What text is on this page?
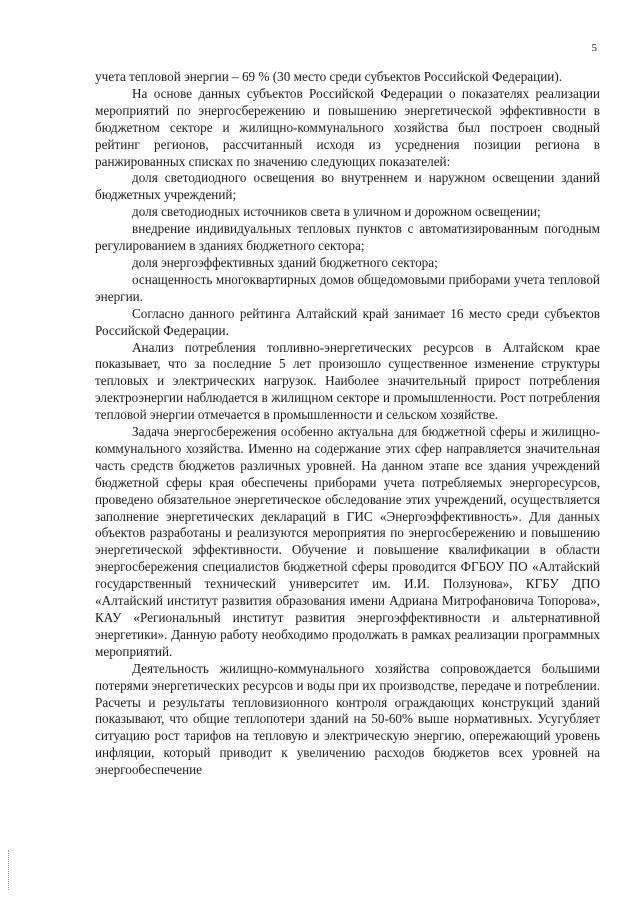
5

учета тепловой энергии – 69 % (30 место среди субъектов Российской Федерации).

На основе данных субъектов Российской Федерации о показателях реализации мероприятий по энергосбережению и повышению энергетической эффективности в бюджетном секторе и жилищно-коммунального хозяйства был построен сводный рейтинг регионов, рассчитанный исходя из усреднения позиции региона в ранжированных списках по значению следующих показателей:

доля светодиодного освещения во внутреннем и наружном освещении зданий бюджетных учреждений;

доля светодиодных источников света в уличном и дорожном освещении;

внедрение индивидуальных тепловых пунктов с автоматизированным погодным регулированием в зданиях бюджетного сектора;

доля энергоэффективных зданий бюджетного сектора;

оснащенность многоквартирных домов общедомовыми приборами учета тепловой энергии.

Согласно данного рейтинга Алтайский край занимает 16 место среди субъектов Российской Федерации.

Анализ потребления топливно-энергетических ресурсов в Алтайском крае показывает, что за последние 5 лет произошло существенное изменение структуры тепловых и электрических нагрузок. Наиболее значительный прирост потребления электроэнергии наблюдается в жилищном секторе и промышленности. Рост потребления тепловой энергии отмечается в промышленности и сельском хозяйстве.

Задача энергосбережения особенно актуальна для бюджетной сферы и жилищно-коммунального хозяйства. Именно на содержание этих сфер направляется значительная часть средств бюджетов различных уровней. На данном этапе все здания учреждений бюджетной сферы края обеспечены приборами учета потребляемых энергоресурсов, проведено обязательное энергетическое обследование этих учреждений, осуществляется заполнение энергетических деклараций в ГИС «Энергоэффективность». Для данных объектов разработаны и реализуются мероприятия по энергосбережению и повышению энергетической эффективности. Обучение и повышение квалификации в области энергосбережения специалистов бюджетной сферы проводится ФГБОУ ПО «Алтайский государственный технический университет им. И.И. Ползунова», КГБУ ДПО «Алтайский институт развития образования имени Адриана Митрофановича Топорова», КАУ «Региональный институт развития энергоэффективности и альтернативной энергетики». Данную работу необходимо продолжать в рамках реализации программных мероприятий.

Деятельность жилищно-коммунального хозяйства сопровождается большими потерями энергетических ресурсов и воды при их производстве, передаче и потреблении. Расчеты и результаты тепловизионного контроля ограждающих конструкций зданий показывают, что общие теплопотери зданий на 50-60% выше нормативных. Усугубляет ситуацию рост тарифов на тепловую и электрическую энергию, опережающий уровень инфляции, который приводит к увеличению расходов бюджетов всех уровней на энергообеспечение
